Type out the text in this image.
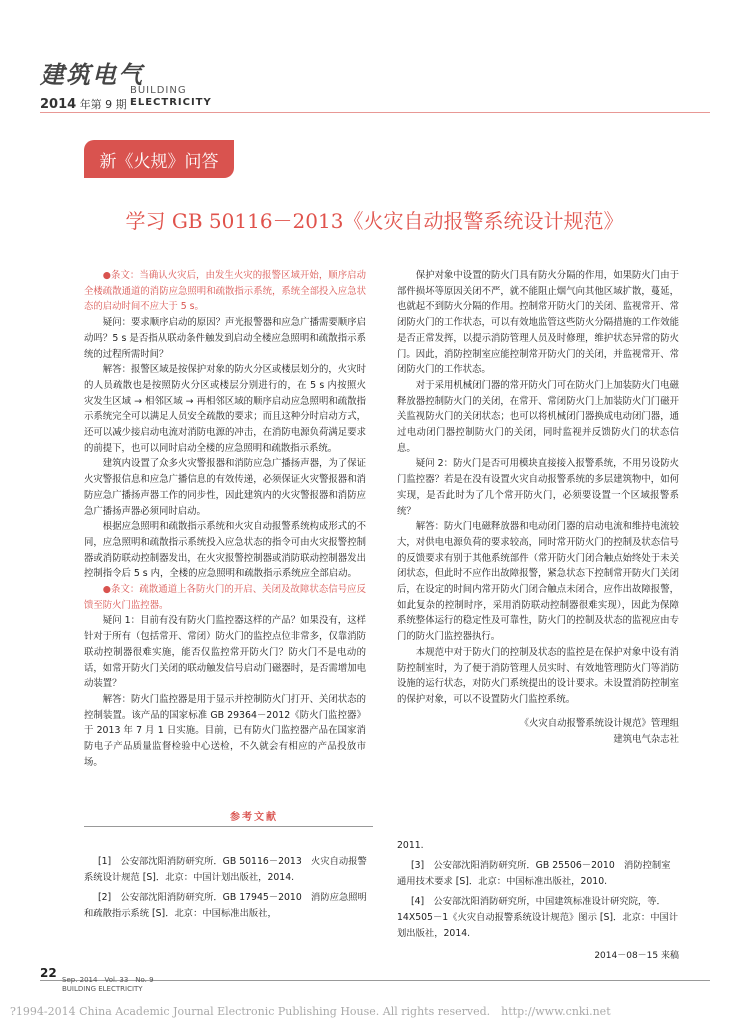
建筑电气
BUILDING
2014 年第 9 期 ELECTRICITY
新《火规》问答
学习 GB 50116－2013《火灾自动报警系统设计规范》

●条文：当确认火灾后，由发生火灾的报警区域开始，顺序启动全楼疏散通道的消防应急照明和疏散指示系统，系统全部投入应急状态的启动时间不应大于 5 s。

疑问：要求顺序启动的原因？声光报警器和应急广播需要顺序启动吗？5 s 是否指从联动条件触发到启动全楼应急照明和疏散指示系统的过程所需时间？

解答：报警区域是按保护对象的防火分区或楼层划分的，火灾时的人员疏散也是按照防火分区或楼层分别进行的，在 5 s 内按照火灾发生区域 → 相邻区域 → 再相邻区域的顺序启动应急照明和疏散指示系统完全可以满足人员安全疏散的要求；而且这种分时启动方式，还可以减少接启动电流对消防电源的冲击，在消防电源负荷满足要求的前提下，也可以同时启动全楼的应急照明和疏散指示系统。

建筑内设置了众多火灾警报器和消防应急广播扬声器，为了保证火灾警报信息和应急广播信息的有效传递，必须保证火灾警报器和消防应急广播扬声器工作的同步性，因此建筑内的火灾警报器和消防应急广播扬声器必须同时启动。

根据应急照明和疏散指示系统和火灾自动报警系统构成形式的不同，应急照明和疏散指示系统投入应急状态的指令可由火灾报警控制器或消防联动控制器发出，在火灾报警控制器或消防联动控制器发出控制指令后 5 s 内，全楼的应急照明和疏散指示系统应全部启动。

●条文：疏散通道上各防火门的开启、关闭及故障状态信号应反馈至防火门监控器。

疑问 1：目前有没有防火门监控器这样的产品？如果没有，这样针对于所有（包括常开、常闭）防火门的监控点位非常多，仅靠消防联动控制器很难实施，能否仅监控常开防火门？防火门不是电动的话，如常开防火门关闭的联动触发信号启动门磁器时，是否需增加电动装置？

解答：防火门监控器是用于显示并控制防火门打开、关闭状态的控制装置。该产品的国家标准 GB 29364－2012《防火门监控器》于 2013 年 7 月 1 日实施。目前，已有防火门监控器产品在国家消防电子产品质量监督检验中心送检，不久就会有相应的产品投放市场。

保护对象中设置的防火门具有防火分隔的作用，如果防火门由于部件损坏等原因关闭不严，就不能阻止烟气向其他区域扩散，蔓延，也就起不到防火分隔的作用。控制常开防火门的关闭、监视常开、常闭防火门的工作状态，可以有效地监管这些防火分隔措施的工作效能是否正常发挥，以提示消防管理人员及时修理，维护状态异常的防火门。因此，消防控制室应能控制常开防火门的关闭，并监视常开、常闭防火门的工作状态。

对于采用机械闭门器的常开防火门可在防火门上加装防火门电磁释放器控制防火门的关闭，在常开、常闭防火门上加装防火门门磁开关监视防火门的关闭状态；也可以将机械闭门器换成电动闭门器，通过电动闭门器控制防火门的关闭，同时监视并反馈防火门的状态信息。

疑问 2：防火门是否可用模块直接接入报警系统，不用另设防火门监控器？若是在没有设置火灾自动报警系统的多层建筑物中，如何实现，是否此时为了几个常开防火门，必须要设置一个区域报警系统？

解答：防火门电磁释放器和电动闭门器的启动电流和维持电流较大，对供电电源负荷的要求较高，同时常开防火门的控制及状态信号的反馈要求有别于其他系统部件（常开防火门闭合触点始终处于未关闭状态，但此时不应作出故障报警，紧急状态下控制常开防火门关闭后，在设定的时间内常开防火门闭合触点未闭合，应作出故障报警，如此复杂的控制时序，采用消防联动控制器很难实现），因此为保障系统整体运行的稳定性及可靠性，防火门的控制及状态的监视应由专门的防火门监控器执行。

本规范中对于防火门的控制及状态的监控是在保护对象中设有消防控制室时，为了便于消防管理人员实时、有效地管理防火门等消防设施的运行状态，对防火门系统提出的设计要求。未设置消防控制室的保护对象，可以不设置防火门监控系统。

《火灾自动报警系统设计规范》管理组
建筑电气杂志社
参考文献

[1]　公安部沈阳消防研究所．GB 50116－2013　火灾自动报警系统设计规范 [S]．北京：中国计划出版社，2014.

[2]　公安部沈阳消防研究所．GB 17945－2010　消防应急照明和疏散指示系统 [S]．北京：中国标准出版社，

2011.

[3]　公安部沈阳消防研究所．GB 25506－2010　消防控制室通用技术要求 [S]．北京：中国标准出版社，2010.

[4]　公安部沈阳消防研究所，中国建筑标准设计研究院，等．14X505－1《火灾自动报警系统设计规范》图示 [S]．北京：中国计划出版社，2014.

2014－08－15 来稿
22 Sep. 2014　Vol. 33　No. 9
BUILDING ELECTRICITY
?1994-2014 China Academic Journal Electronic Publishing House. All rights reserved.　http://www.cnki.net
